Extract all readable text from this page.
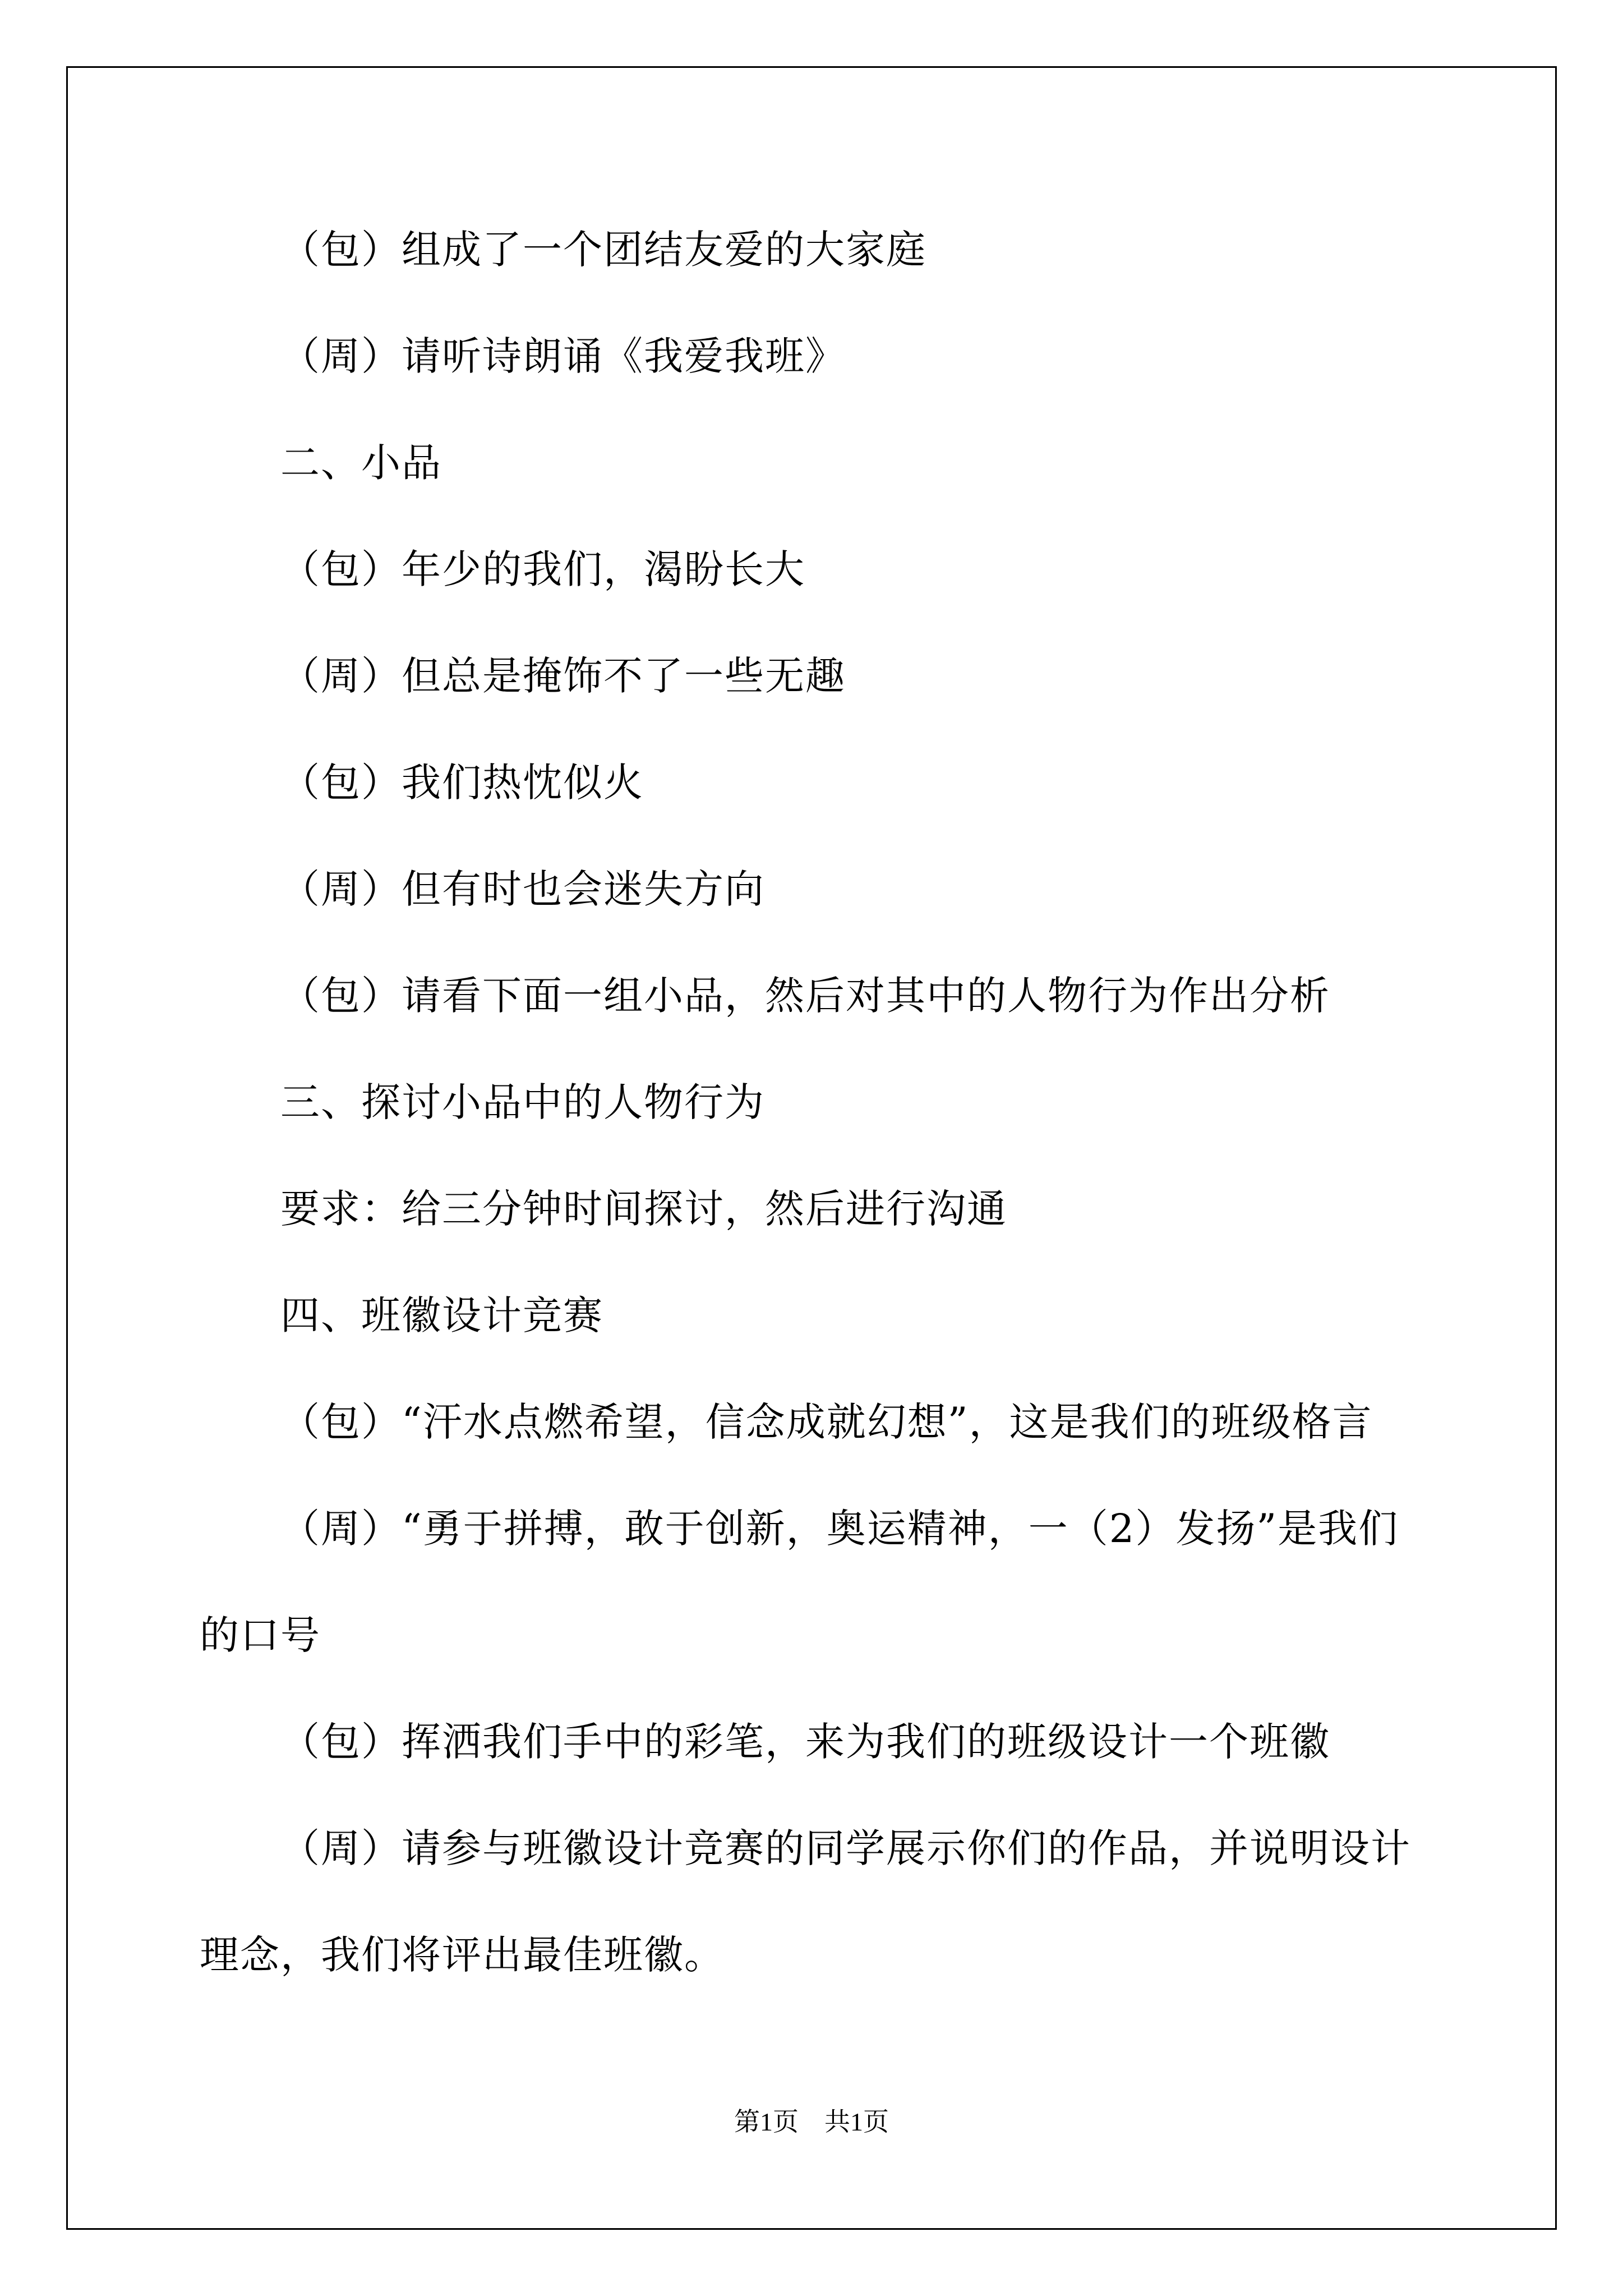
（包）组成了一个团结友爱的大家庭
（周）请听诗朗诵《我爱我班》
二、小品
（包）年少的我们，渴盼长大
（周）但总是掩饰不了一些无趣
（包）我们热忱似火
（周）但有时也会迷失方向
（包）请看下面一组小品，然后对其中的人物行为作出分析
三、探讨小品中的人物行为
要求：给三分钟时间探讨，然后进行沟通
四、班徽设计竞赛
（包）“汗水点燃希望，信念成就幻想”，这是我们的班级格言
（周）“勇于拼搏，敢于创新，奥运精神，一（2）发扬”是我们
的口号
（包）挥洒我们手中的彩笔，来为我们的班级设计一个班徽
（周）请参与班徽设计竞赛的同学展示你们的作品，并说明设计
理念，我们将评出最佳班徽。
第1页　共1页
